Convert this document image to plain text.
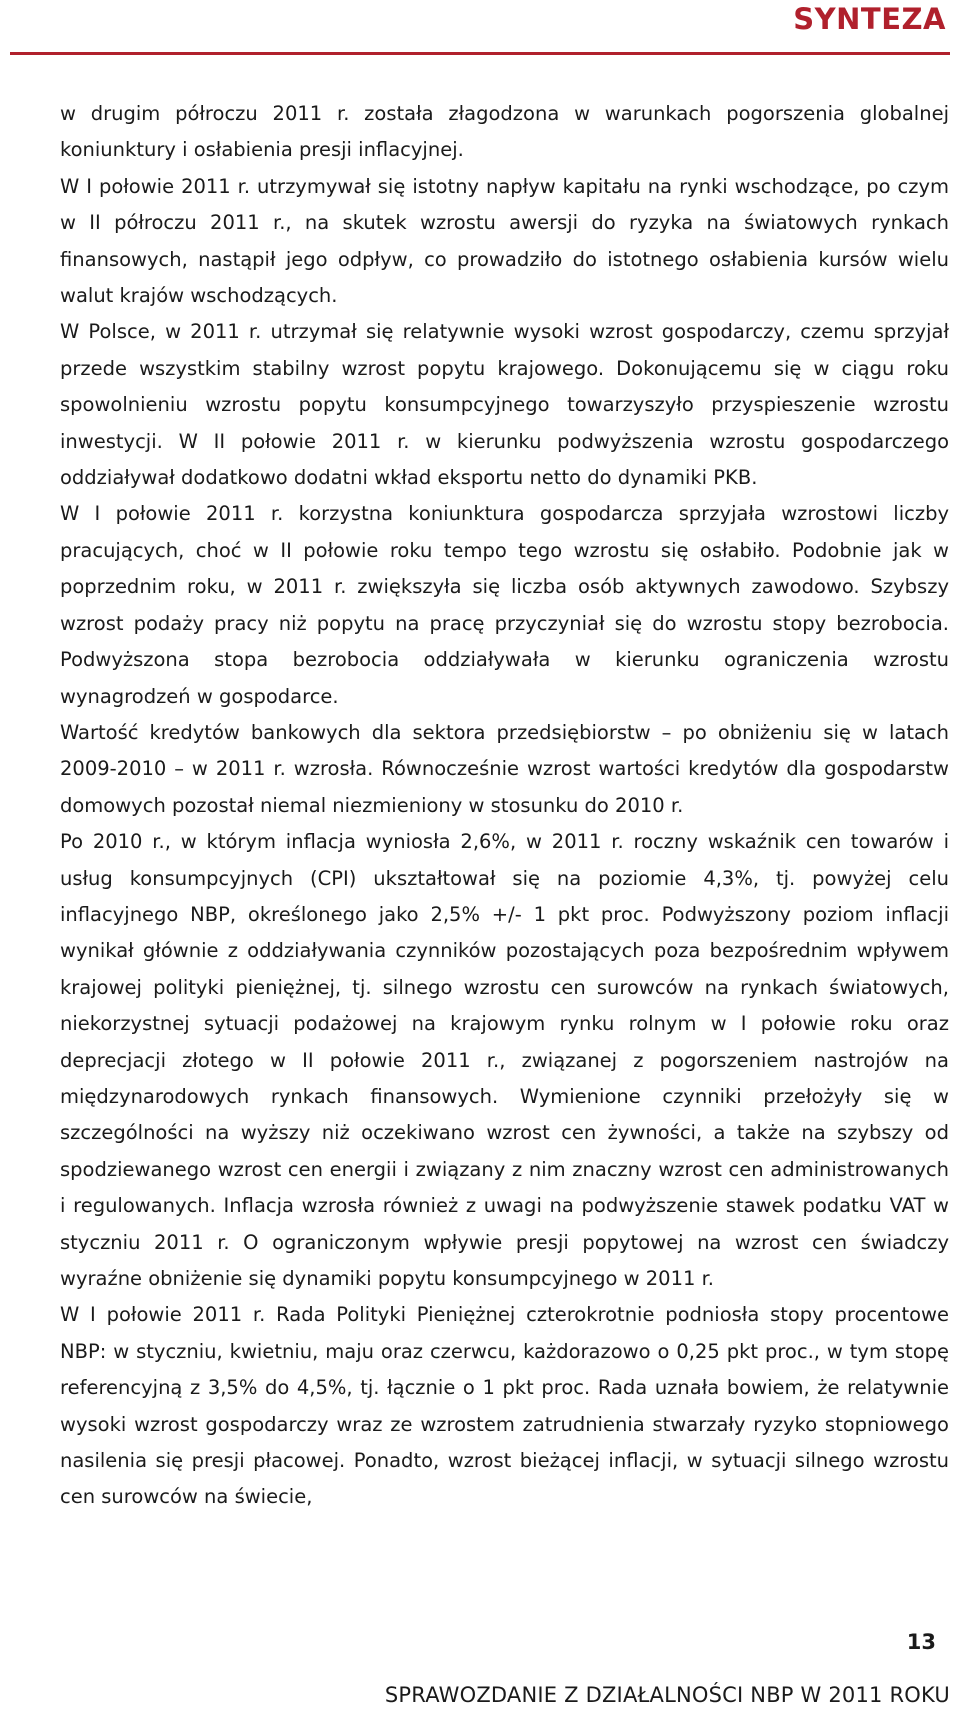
SYNTEZA

w drugim półroczu 2011 r. została złagodzona w warunkach pogorszenia globalnej koniunktury i osłabienia presji inflacyjnej.

W I połowie 2011 r. utrzymywał się istotny napływ kapitału na rynki wschodzące, po czym w II półroczu 2011 r., na skutek wzrostu awersji do ryzyka na światowych rynkach finansowych, nastąpił jego odpływ, co prowadziło do istotnego osłabienia kursów wielu walut krajów wschodzących.

W Polsce, w 2011 r. utrzymał się relatywnie wysoki wzrost gospodarczy, czemu sprzyjał przede wszystkim stabilny wzrost popytu krajowego. Dokonującemu się w ciągu roku spowolnieniu wzrostu popytu konsumpcyjnego towarzyszyło przyspieszenie wzrostu inwestycji. W II połowie 2011 r. w kierunku podwyższenia wzrostu gospodarczego oddziaływał dodatkowo dodatni wkład eksportu netto do dynamiki PKB.

W I połowie 2011 r. korzystna koniunktura gospodarcza sprzyjała wzrostowi liczby pracujących, choć w II połowie roku tempo tego wzrostu się osłabiło. Podobnie jak w poprzednim roku, w 2011 r. zwiększyła się liczba osób aktywnych zawodowo. Szybszy wzrost podaży pracy niż popytu na pracę przyczyniał się do wzrostu stopy bezrobocia. Podwyższona stopa bezrobocia oddziaływała w kierunku ograniczenia wzrostu wynagrodzeń w gospodarce.

Wartość kredytów bankowych dla sektora przedsiębiorstw – po obniżeniu się w latach 2009-2010 – w 2011 r. wzrosła. Równocześnie wzrost wartości kredytów dla gospodarstw domowych pozostał niemal niezmieniony w stosunku do 2010 r.

Po 2010 r., w którym inflacja wyniosła 2,6%, w 2011 r. roczny wskaźnik cen towarów i usług konsumpcyjnych (CPI) ukształtował się na poziomie 4,3%, tj. powyżej celu inflacyjnego NBP, określonego jako 2,5% +/- 1 pkt proc. Podwyższony poziom inflacji wynikał głównie z oddziaływania czynników pozostających poza bezpośrednim wpływem krajowej polityki pieniężnej, tj. silnego wzrostu cen surowców na rynkach światowych, niekorzystnej sytuacji podażowej na krajowym rynku rolnym w I połowie roku oraz deprecjacji złotego w II połowie 2011 r., związanej z pogorszeniem nastrojów na międzynarodowych rynkach finansowych. Wymienione czynniki przełożyły się w szczególności na wyższy niż oczekiwano wzrost cen żywności, a także na szybszy od spodziewanego wzrost cen energii i związany z nim znaczny wzrost cen administrowanych i regulowanych. Inflacja wzrosła również z uwagi na podwyższenie stawek podatku VAT w styczniu 2011 r. O ograniczonym wpływie presji popytowej na wzrost cen świadczy wyraźne obniżenie się dynamiki popytu konsumpcyjnego w 2011 r.

W I połowie 2011 r. Rada Polityki Pieniężnej czterokrotnie podniosła stopy procentowe NBP: w styczniu, kwietniu, maju oraz czerwcu, każdorazowo o 0,25 pkt proc., w tym stopę referencyjną z 3,5% do 4,5%, tj. łącznie o 1 pkt proc. Rada uznała bowiem, że relatywnie wysoki wzrost gospodarczy wraz ze wzrostem zatrudnienia stwarzały ryzyko stopniowego nasilenia się presji płacowej. Ponadto, wzrost bieżącej inflacji, w sytuacji silnego wzrostu cen surowców na świecie,

13
SPRAWOZDANIE Z DZIAŁALNOŚCI NBP W 2011 ROKU
